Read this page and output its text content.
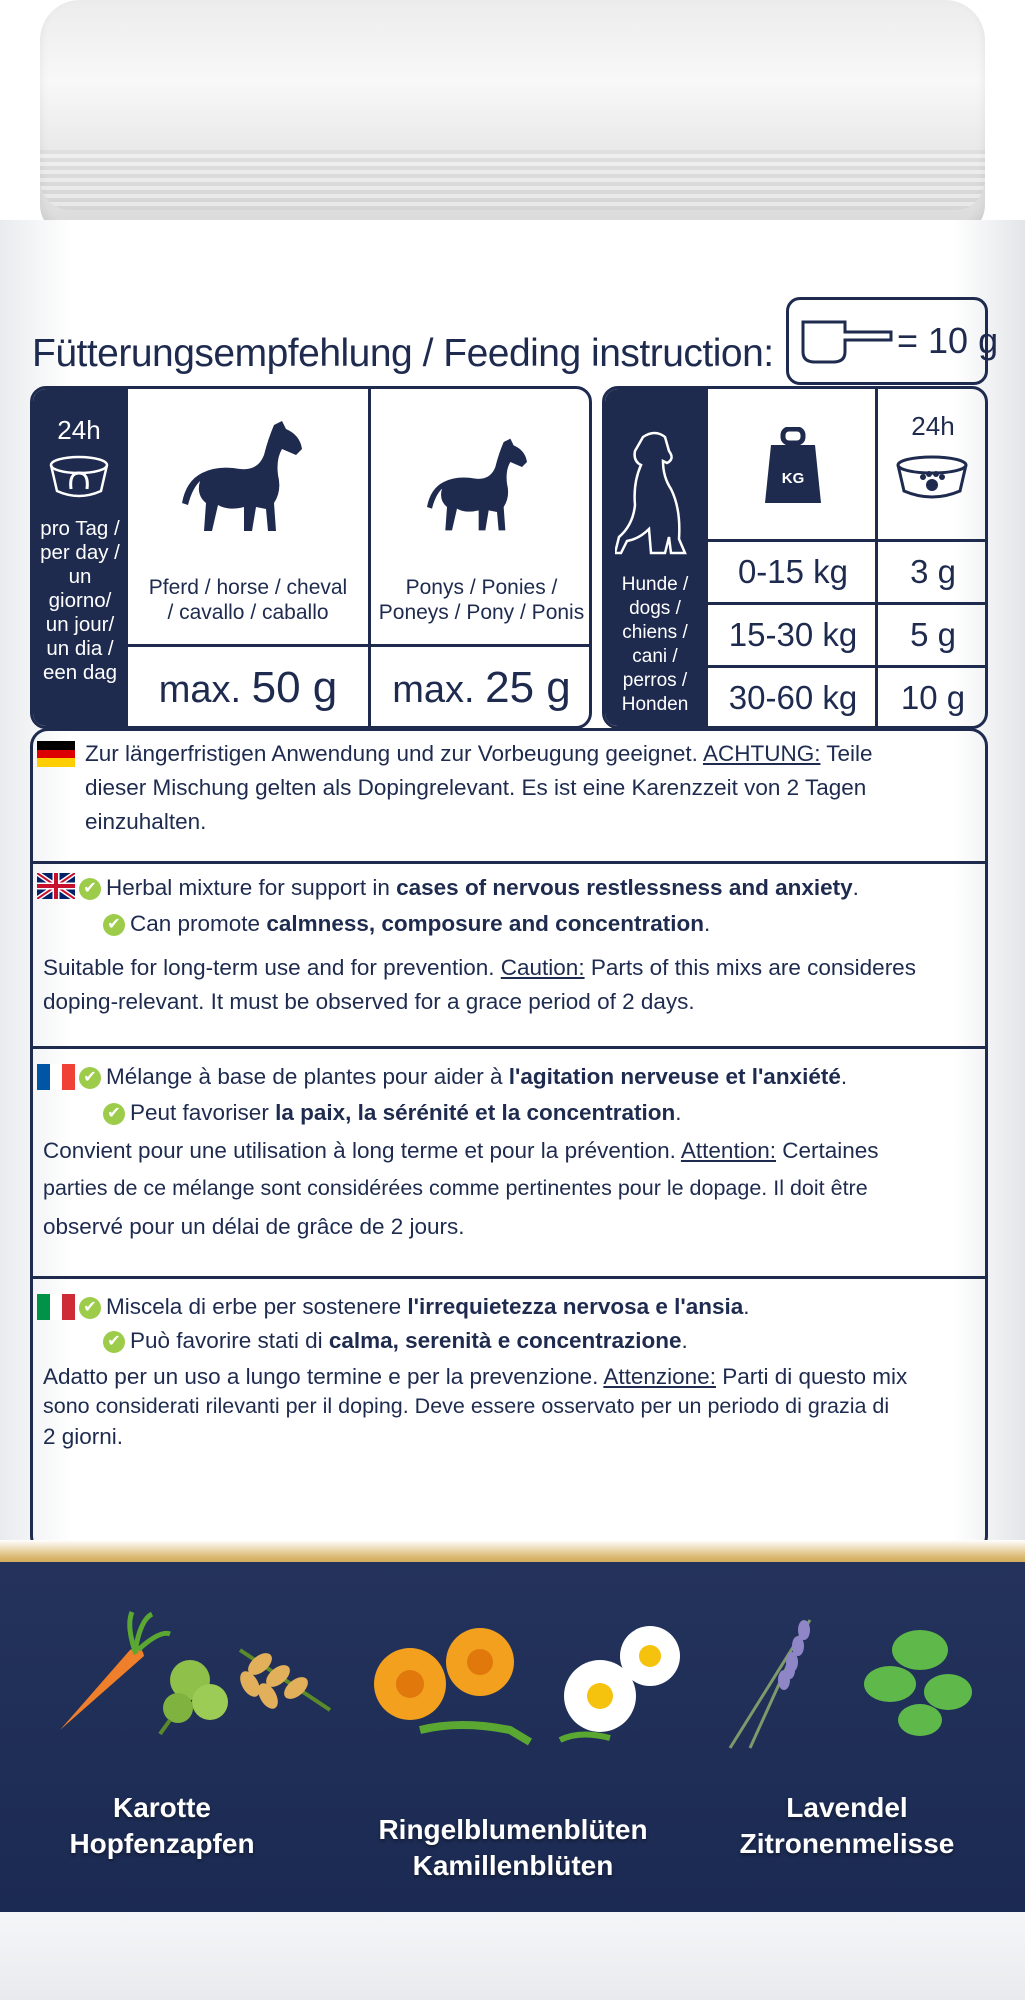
Fütterungsempfehlung / Feeding instruction:	= 10 g
24h
pro Tag /
per day /
un giorno/
un jour/
un dia /
een dag
Pferd / horse / cheval
/ cavallo / caballo
max. 50 g
Ponys / Ponies /
Poneys / Pony / Ponis
max. 25 g
Hunde /
dogs /
chiens /
cani /
perros /
Honden
KG
0-15 kg
15-30 kg
30-60 kg
24h
3 g
5 g
10 g
Zur längerfristigen Anwendung und zur Vorbeugung geeignet. ACHTUNG: Teile
dieser Mischung gelten als Dopingrelevant. Es ist eine Karenzzeit von 2 Tagen
einzuhalten.
✔ Herbal mixture for support in cases of nervous restlessness and anxiety.
✔ Can promote calmness, composure and concentration.
Suitable for long-term use and for prevention. Caution: Parts of this mixs are consideres
doping-relevant. It must be observed for a grace period of 2 days.
✔ Mélange à base de plantes pour aider à l'agitation nerveuse et l'anxiété.
✔ Peut favoriser la paix, la sérénité et la concentration.
Convient pour une utilisation à long terme et pour la prévention. Attention: Certaines
parties de ce mélange sont considérées comme pertinentes pour le dopage. Il doit être
observé pour un délai de grâce de 2 jours.
✔ Miscela di erbe per sostenere l'irrequietezza nervosa e l'ansia.
✔ Può favorire stati di calma, serenità e concentrazione.
Adatto per un uso a lungo termine e per la prevenzione. Attenzione: Parti di questo mix
sono considerati rilevanti per il doping. Deve essere osservato per un periodo di grazia di
2 giorni.
Karotte
Hopfenzapfen	Ringelblumenblüten
Kamillenblüten
Lavendel
Zitronenmelisse
